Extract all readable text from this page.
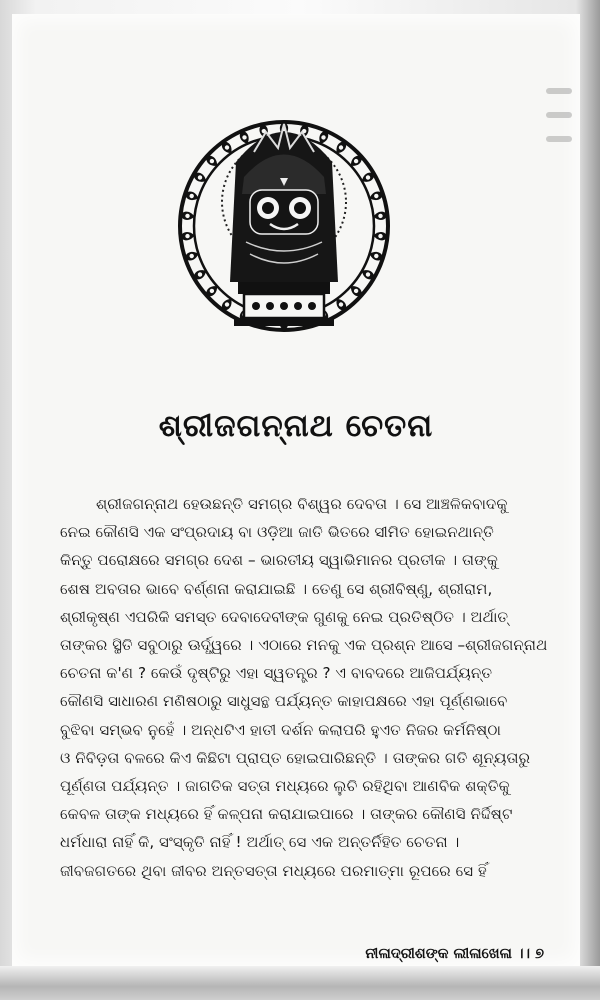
ଶ୍ରୀଜଗନ୍ନାଥ ଚେତନା
ଶ୍ରୀଜଗନ୍ନାଥ ହେଉଛନ୍ତି ସମଗ୍ର ବିଶ୍ୱର ଦେବତା । ସେ ଆଞ୍ଚଳିକବାଦକୁ
ନେଇ କୌଣସି ଏକ ସଂପ୍ରଦାୟ ବା ଓଡ଼ିଆ ଜାତି ଭିତରେ ସୀମିତ ହୋଇନଥାନ୍ତି
କିନ୍ତୁ ପରୋକ୍ଷରେ ସମଗ୍ର ଦେଶ – ଭାରତୀୟ ସ୍ୱାଭିମାନର ପ୍ରତୀକ । ତାଙ୍କୁ
ଶେଷ ଅବତାର ଭାବେ ବର୍ଣ୍ଣନା କରାଯାଇଛି । ତେଣୁ ସେ ଶ୍ରୀବିଷ୍ଣୁ, ଶ୍ରୀରାମ,
ଶ୍ରୀକୃଷ୍ଣ ଏପରିକି ସମସ୍ତ ଦେବାଦେବୀଙ୍କ ଗୁଣକୁ ନେଇ ପ୍ରତିଷ୍ଠିତ । ଅର୍ଥାତ୍
ତାଙ୍କର ସ୍ଥିତି ସବୁଠାରୁ ଊର୍ଦ୍ଧ୍ୱରେ । ଏଠାରେ ମନକୁ ଏକ ପ୍ରଶ୍ନ ଆସେ –ଶ୍ରୀଜଗନ୍ନାଥ
ଚେତନା କ'ଣ ? କେଉଁ ଦୃଷ୍ଟିରୁ ଏହା ସ୍ୱତନ୍ତ୍ର ? ଏ ବାବଦରେ ଆଜିପର୍ଯ୍ୟନ୍ତ
କୌଣସି ସାଧାରଣ ମଣିଷଠାରୁ ସାଧୁସନ୍ଥ ପର୍ଯ୍ୟନ୍ତ କାହାପକ୍ଷରେ ଏହା ପୂର୍ଣ୍ଣଭାବେ
ବୁଝିବା ସମ୍ଭବ ନୁହେଁ । ଅନ୍ଧଟିଏ ହାତୀ ଦର୍ଶନ କଲାପରି ହୁଏତ ନିଜର କର୍ମନିଷ୍ଠା
ଓ ନିବିଡ଼ତା ବଳରେ କିଏ କିଛିଟା ପ୍ରାପ୍ତ ହୋଇପାରିଛନ୍ତି । ତାଙ୍କର ଗତି ଶୂନ୍ୟତାରୁ
ପୂର୍ଣ୍ଣତା ପର୍ଯ୍ୟନ୍ତ । ଜାଗତିକ ସତ୍ତା ମଧ୍ୟରେ ଲୁଚି ରହିଥିବା ଆଣବିକ ଶକ୍ତିକୁ
କେବଳ ତାଙ୍କ ମଧ୍ୟରେ ହିଁ କଳ୍ପନା କରାଯାଇପାରେ । ତାଙ୍କର କୌଣସି ନିର୍ଦ୍ଦିଷ୍ଟ
ଧର୍ମଧାରା ନାହିଁ କି, ସଂସ୍କୃତି ନାହିଁ ! ଅର୍ଥାତ୍ ସେ ଏକ ଅନ୍ତର୍ନିହିତ ଚେତନା ।
ଜୀବଜଗତରେ ଥିବା ଜୀବର ଅନ୍ତସତ୍ତା ମଧ୍ୟରେ ପରମାତ୍ମା ରୂପରେ ସେ ହିଁ
ନୀଳାଦ୍ରୀଶଙ୍କ ଲୀଳାଖେଳା ।। ୭
